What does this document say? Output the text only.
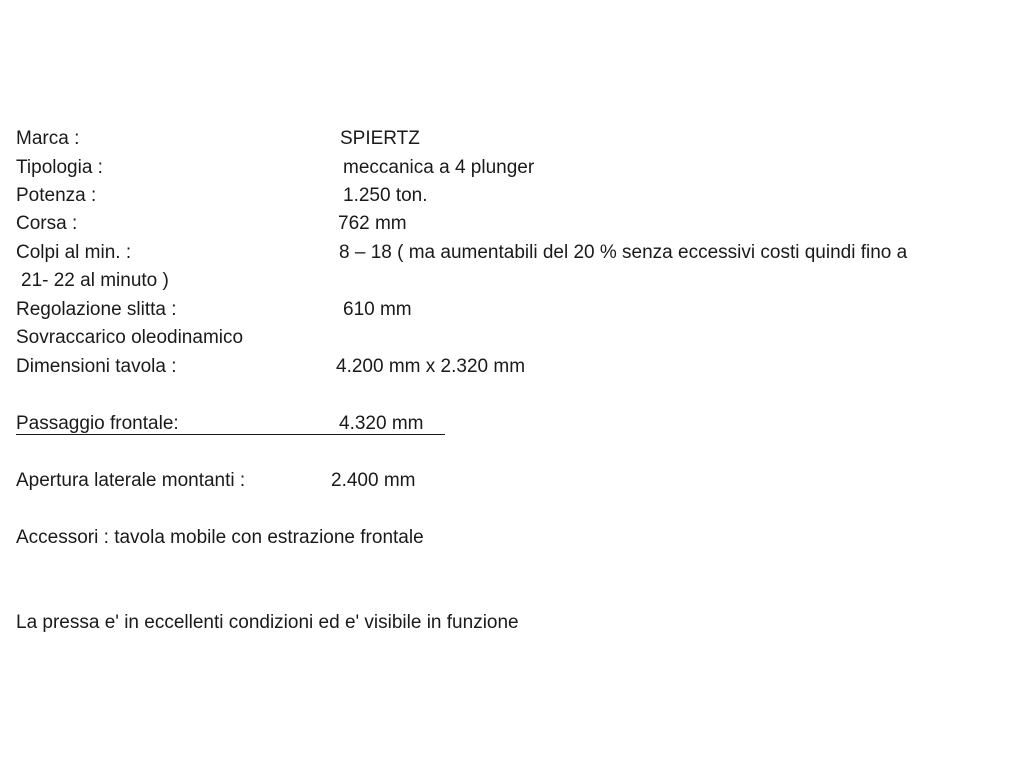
Marca :	SPIERTZ
Tipologia :	meccanica a 4 plunger
Potenza :	1.250 ton.
Corsa :	762 mm
Colpi al min. :	8 – 18 ( ma aumentabili del 20 % senza eccessivi costi quindi fino a
21- 22 al minuto )
Regolazione slitta :	610 mm
Sovraccarico oleodinamico
Dimensioni tavola :	4.200 mm x 2.320 mm
Passaggio frontale:	4.320 mm
Apertura laterale montanti :	2.400 mm
Accessori : tavola mobile con estrazione frontale
La pressa e' in eccellenti condizioni ed e' visibile in funzione
